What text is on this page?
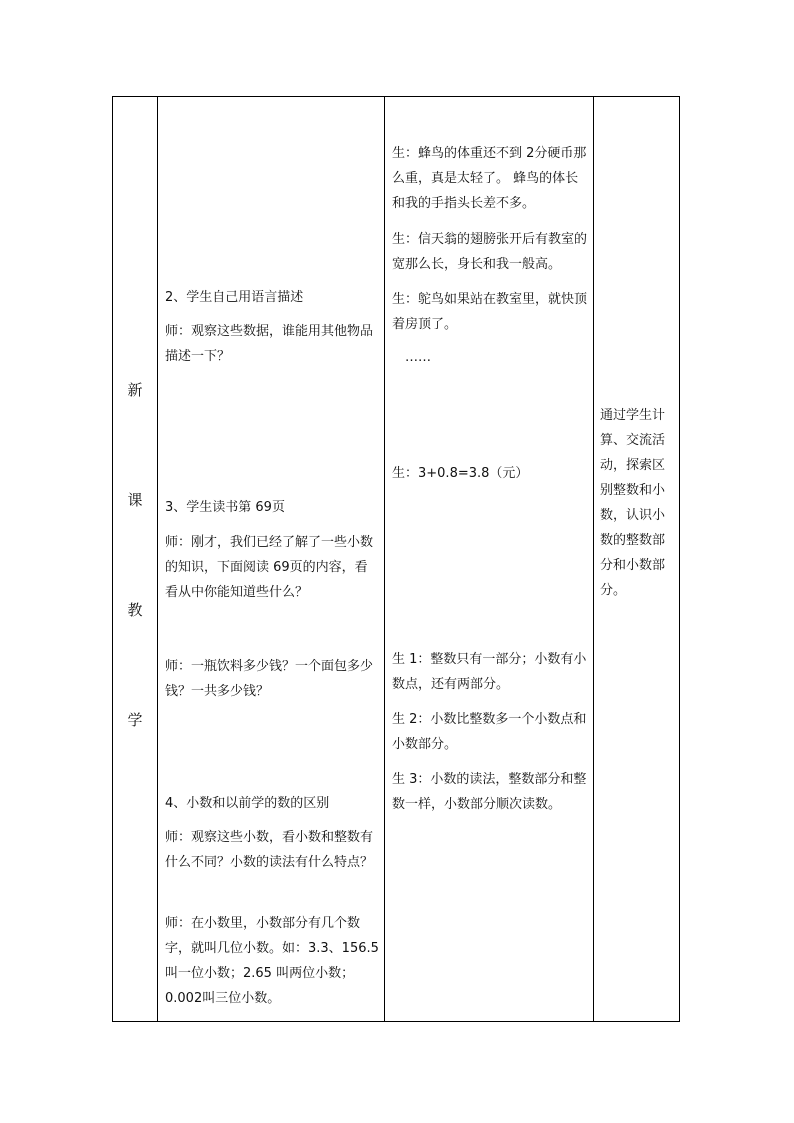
新
课
教
学
2、学生自己用语言描述
师：观察这些数据，谁能用其他物品描述一下？
3、学生读书第 69页
师：刚才，我们已经了解了一些小数的知识，下面阅读 69页的内容，看看从中你能知道些什么？
师：一瓶饮料多少钱？一个面包多少钱？一共多少钱？
4、小数和以前学的数的区别
师：观察这些小数，看小数和整数有什么不同？小数的读法有什么特点？
师：在小数里，小数部分有几个数字，就叫几位小数。如：3.3、156.5叫一位小数；2.65 叫两位小数；0.002叫三位小数。
生：蜂鸟的体重还不到 2分硬币那么重，真是太轻了。 蜂鸟的体长和我的手指头长差不多。
生：信天翁的翅膀张开后有教室的宽那么长，身长和我一般高。
生：鸵鸟如果站在教室里，就快顶着房顶了。
……
生：3+0.8=3.8（元）
生 1：整数只有一部分；小数有小数点，还有两部分。
生 2：小数比整数多一个小数点和小数部分。
生 3：小数的读法，整数部分和整数一样，小数部分顺次读数。
通过学生计算、交流活动，探索区别整数和小数，认识小数的整数部分和小数部分。
